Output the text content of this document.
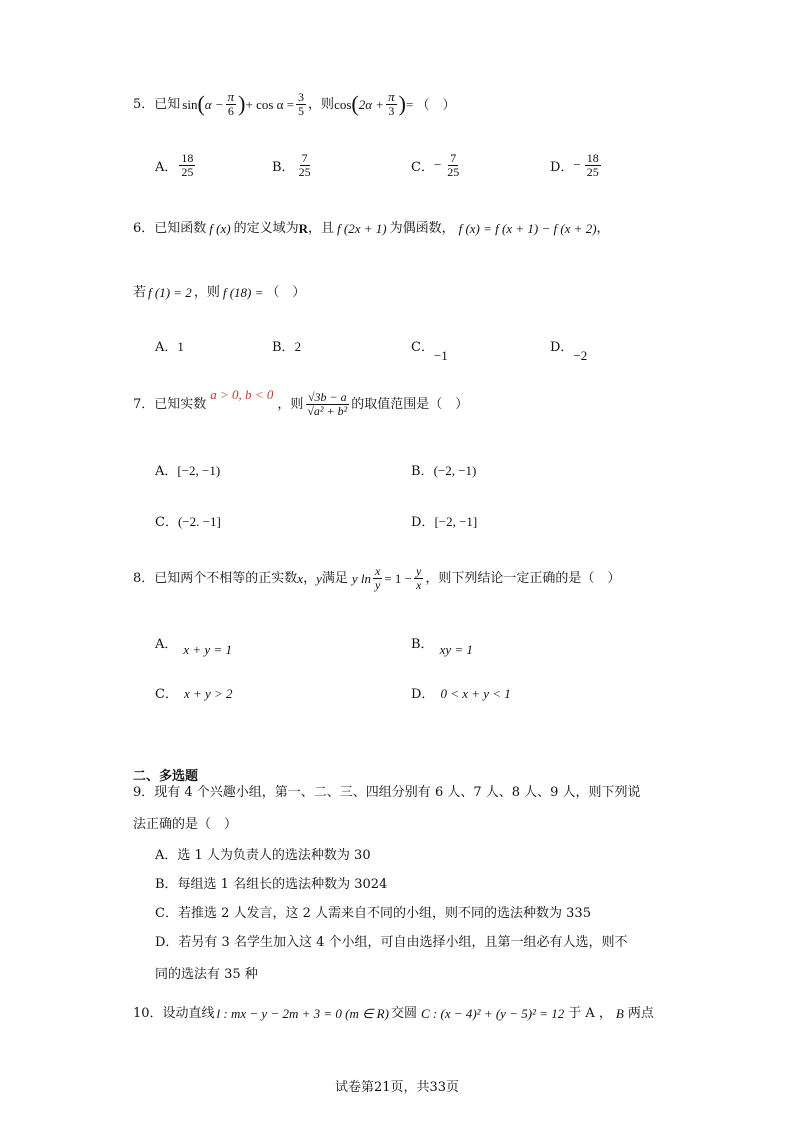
5．已知 sin ( $\alpha - \frac{\pi}{6}$ ) + $\cos \alpha = \frac{3}{5}$ ，则 cos ( $2\alpha + \frac{\pi}{3}$ ) = （　）
A． $\frac{18}{25}$	B． $\frac{7}{25}$	C． − $\frac{7}{25}$	D． − $\frac{18}{25}$
6．已知函数 f (x) 的定义域为 R ，且 f (2x + 1) 为偶函数， f (x) = f (x + 1) − f (x + 2) ，
若 f (1) = 2 ，则 f (18) = （　）
A．1	B．2	C．−1
D．−2
7．已知实数
a > 0, b < 0
，则 $\frac{√3b - a}{\text{√a² + b²}}$ 的取值范围是（　）
A．[−2, −1)	B．(−2, −1)
C．(−2. −1]	D．[−2, −1]
8．已知两个不相等的正实数 x ， y 满足 y $\ln \frac{x}{y} = 1 - \frac{y}{x}$ ，则下列结论一定正确的是（　）
A． x + y = 1	B． xy = 1
C． x + y > 2	D． 0 < x + y < 1
二、多选题
9．现有 4 个兴趣小组，第一、二、三、四组分别有 6 人、7 人、8 人、9 人，则下列说
法正确的是（　）
A．选 1 人为负责人的选法种数为 30
B．每组选 1 名组长的选法种数为 3024
C．若推选 2 人发言，这 2 人需来自不同的小组，则不同的选法种数为 335
D．若另有 3 名学生加入这 4 个小组，可自由选择小组，且第一组必有人选，则不
同的选法有 35 种
10．设动直线 l : mx − y − 2m + 3 = 0 (m ∈ R) 交圆 C : (x − 4)² + (y − 5)² = 12 于 A ， B 两点
试卷第21页，共33页
